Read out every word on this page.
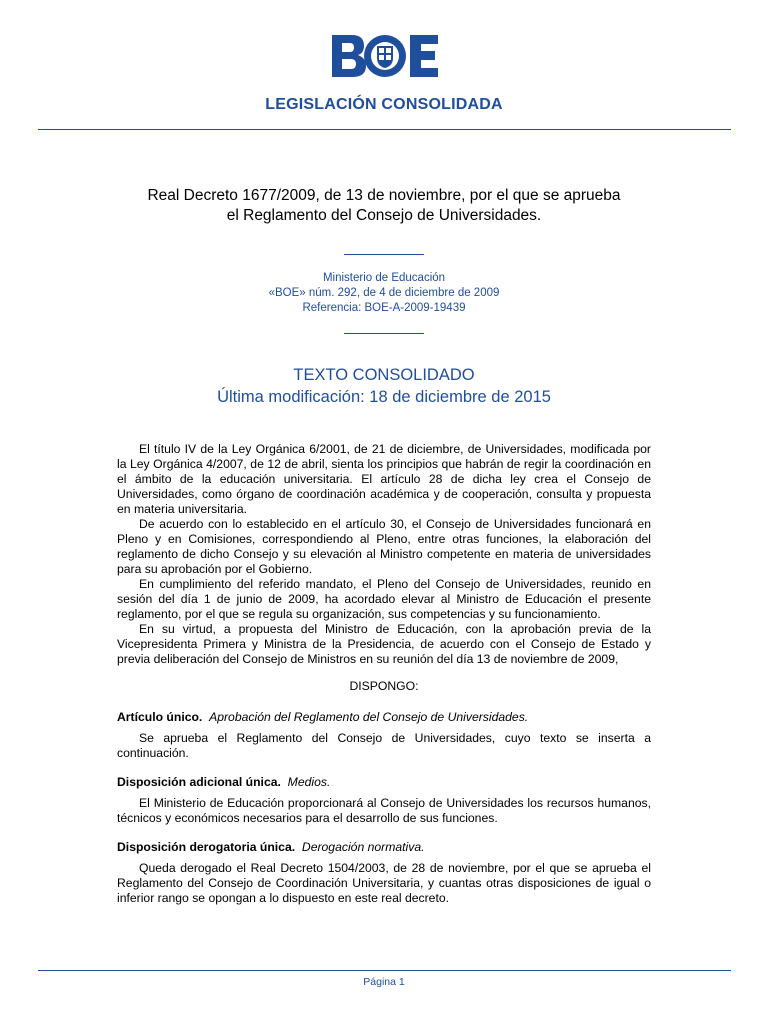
LEGISLACIÓN CONSOLIDADA
Real Decreto 1677/2009, de 13 de noviembre, por el que se aprueba
el Reglamento del Consejo de Universidades.
Ministerio de Educación
«BOE» núm. 292, de 4 de diciembre de 2009
Referencia: BOE-A-2009-19439
TEXTO CONSOLIDADO
Última modificación: 18 de diciembre de 2015

El título IV de la Ley Orgánica 6/2001, de 21 de diciembre, de Universidades, modificada por la Ley Orgánica 4/2007, de 12 de abril, sienta los principios que habrán de regir la coordinación en el ámbito de la educación universitaria. El artículo 28 de dicha ley crea el Consejo de Universidades, como órgano de coordinación académica y de cooperación, consulta y propuesta en materia universitaria.

De acuerdo con lo establecido en el artículo 30, el Consejo de Universidades funcionará en Pleno y en Comisiones, correspondiendo al Pleno, entre otras funciones, la elaboración del reglamento de dicho Consejo y su elevación al Ministro competente en materia de universidades para su aprobación por el Gobierno.

En cumplimiento del referido mandato, el Pleno del Consejo de Universidades, reunido en sesión del día 1 de junio de 2009, ha acordado elevar al Ministro de Educación el presente reglamento, por el que se regula su organización, sus competencias y su funcionamiento.

En su virtud, a propuesta del Ministro de Educación, con la aprobación previa de la Vicepresidenta Primera y Ministra de la Presidencia, de acuerdo con el Consejo de Estado y previa deliberación del Consejo de Ministros en su reunión del día 13 de noviembre de 2009,

DISPONGO:

Artículo único. Aprobación del Reglamento del Consejo de Universidades.

Se aprueba el Reglamento del Consejo de Universidades, cuyo texto se inserta a continuación.

Disposición adicional única. Medios.

El Ministerio de Educación proporcionará al Consejo de Universidades los recursos humanos, técnicos y económicos necesarios para el desarrollo de sus funciones.

Disposición derogatoria única. Derogación normativa.

Queda derogado el Real Decreto 1504/2003, de 28 de noviembre, por el que se aprueba el Reglamento del Consejo de Coordinación Universitaria, y cuantas otras disposiciones de igual o inferior rango se opongan a lo dispuesto en este real decreto.

Página 1
